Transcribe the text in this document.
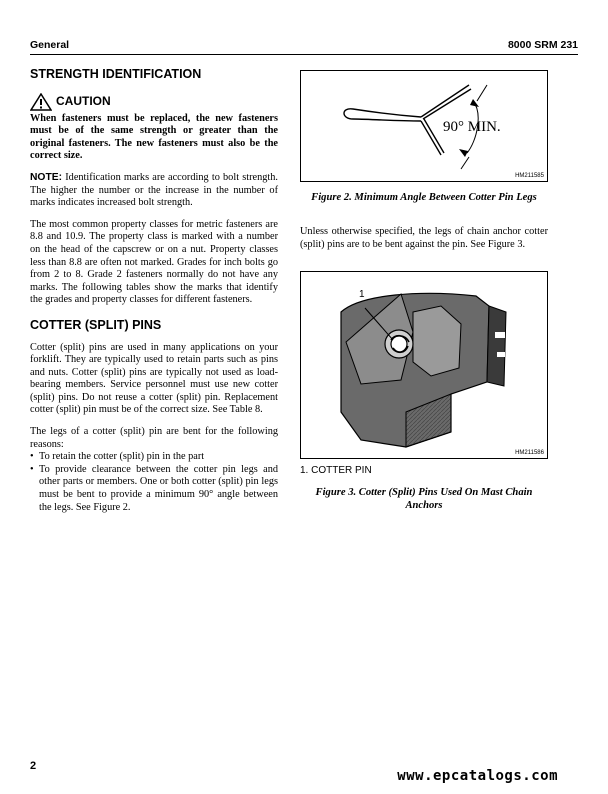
General	8000 SRM 231
STRENGTH IDENTIFICATION
CAUTION

When fasteners must be replaced, the new fasteners must be of the same strength or greater than the original fasteners. The new fasteners must also be the correct size.

NOTE: Identification marks are according to bolt strength. The higher the number or the increase in the number of marks indicates increased bolt strength.

The most common property classes for metric fasteners are 8.8 and 10.9. The property class is marked with a number on the head of the capscrew or on a nut. Property classes less than 8.8 are often not marked. Grades for inch bolts go from 2 to 8. Grade 2 fasteners normally do not have any marks. The following tables show the marks that identify the grades and property classes for different fasteners.

COTTER (SPLIT) PINS

Cotter (split) pins are used in many applications on your forklift. They are typically used to retain parts such as pins and nuts. Cotter (split) pins are typically not used as load-bearing members. Service personnel must use new cotter (split) pins. Do not reuse a cotter (split) pin. Replacement cotter (split) pin must be of the correct size. See Table 8.

The legs of a cotter (split) pin are bent for the following reasons:

• To retain the cotter (split) pin in the part
• To provide clearance between the cotter pin legs and other parts or members. One or both cotter (split) pin legs must be bent to provide a minimum 90° angle between the legs. See Figure 2.
90° MIN.
HM211585
Figure 2. Minimum Angle Between Cotter Pin Legs
Unless otherwise specified, the legs of chain anchor cotter (split) pins are to be bent against the pin. See Figure 3.
1
HM211586
1. COTTER PIN
Figure 3. Cotter (Split) Pins Used On Mast Chain Anchors
2
www.epcatalogs.com
